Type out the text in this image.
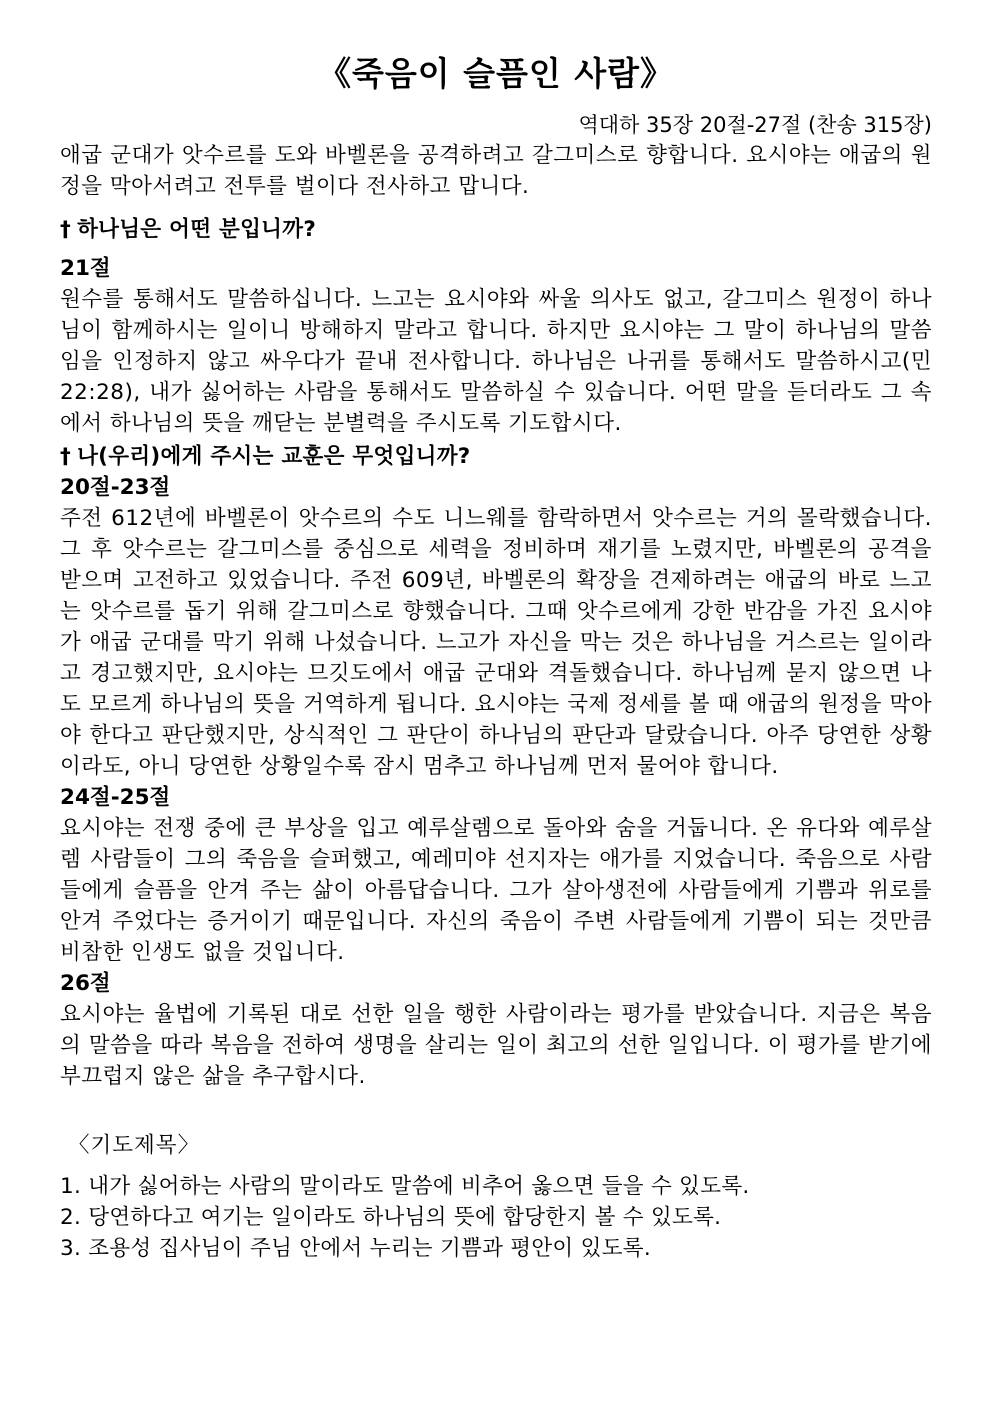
《죽음이 슬픔인 사람》

역대하 35장 20절-27절 (찬송 315장)

애굽 군대가 앗수르를 도와 바벨론을 공격하려고 갈그미스로 향합니다. 요시야는 애굽의 원정을 막아서려고 전투를 벌이다 전사하고 맙니다.

† 하나님은 어떤 분입니까?

21절

원수를 통해서도 말씀하십니다. 느고는 요시야와 싸울 의사도 없고, 갈그미스 원정이 하나님이 함께하시는 일이니 방해하지 말라고 합니다. 하지만 요시야는 그 말이 하나님의 말씀임을 인정하지 않고 싸우다가 끝내 전사합니다. 하나님은 나귀를 통해서도 말씀하시고(민22:28), 내가 싫어하는 사람을 통해서도 말씀하실 수 있습니다. 어떤 말을 듣더라도 그 속에서 하나님의 뜻을 깨닫는 분별력을 주시도록 기도합시다.

† 나(우리)에게 주시는 교훈은 무엇입니까?

20절-23절

주전 612년에 바벨론이 앗수르의 수도 니느웨를 함락하면서 앗수르는 거의 몰락했습니다. 그 후 앗수르는 갈그미스를 중심으로 세력을 정비하며 재기를 노렸지만, 바벨론의 공격을 받으며 고전하고 있었습니다. 주전 609년, 바벨론의 확장을 견제하려는 애굽의 바로 느고는 앗수르를 돕기 위해 갈그미스로 향했습니다. 그때 앗수르에게 강한 반감을 가진 요시야가 애굽 군대를 막기 위해 나섰습니다. 느고가 자신을 막는 것은 하나님을 거스르는 일이라고 경고했지만, 요시야는 므깃도에서 애굽 군대와 격돌했습니다. 하나님께 묻지 않으면 나도 모르게 하나님의 뜻을 거역하게 됩니다. 요시야는 국제 정세를 볼 때 애굽의 원정을 막아야 한다고 판단했지만, 상식적인 그 판단이 하나님의 판단과 달랐습니다. 아주 당연한 상황이라도, 아니 당연한 상황일수록 잠시 멈추고 하나님께 먼저 물어야 합니다.

24절-25절

요시야는 전쟁 중에 큰 부상을 입고 예루살렘으로 돌아와 숨을 거둡니다. 온 유다와 예루살렘 사람들이 그의 죽음을 슬퍼했고, 예레미야 선지자는 애가를 지었습니다. 죽음으로 사람들에게 슬픔을 안겨 주는 삶이 아름답습니다. 그가 살아생전에 사람들에게 기쁨과 위로를 안겨 주었다는 증거이기 때문입니다. 자신의 죽음이 주변 사람들에게 기쁨이 되는 것만큼 비참한 인생도 없을 것입니다.

26절

요시야는 율법에 기록된 대로 선한 일을 행한 사람이라는 평가를 받았습니다. 지금은 복음의 말씀을 따라 복음을 전하여 생명을 살리는 일이 최고의 선한 일입니다. 이 평가를 받기에 부끄럽지 않은 삶을 추구합시다.

〈기도제목〉
1. 내가 싫어하는 사람의 말이라도 말씀에 비추어 옳으면 들을 수 있도록.
2. 당연하다고 여기는 일이라도 하나님의 뜻에 합당한지 볼 수 있도록.
3. 조용성 집사님이 주님 안에서 누리는 기쁨과 평안이 있도록.
